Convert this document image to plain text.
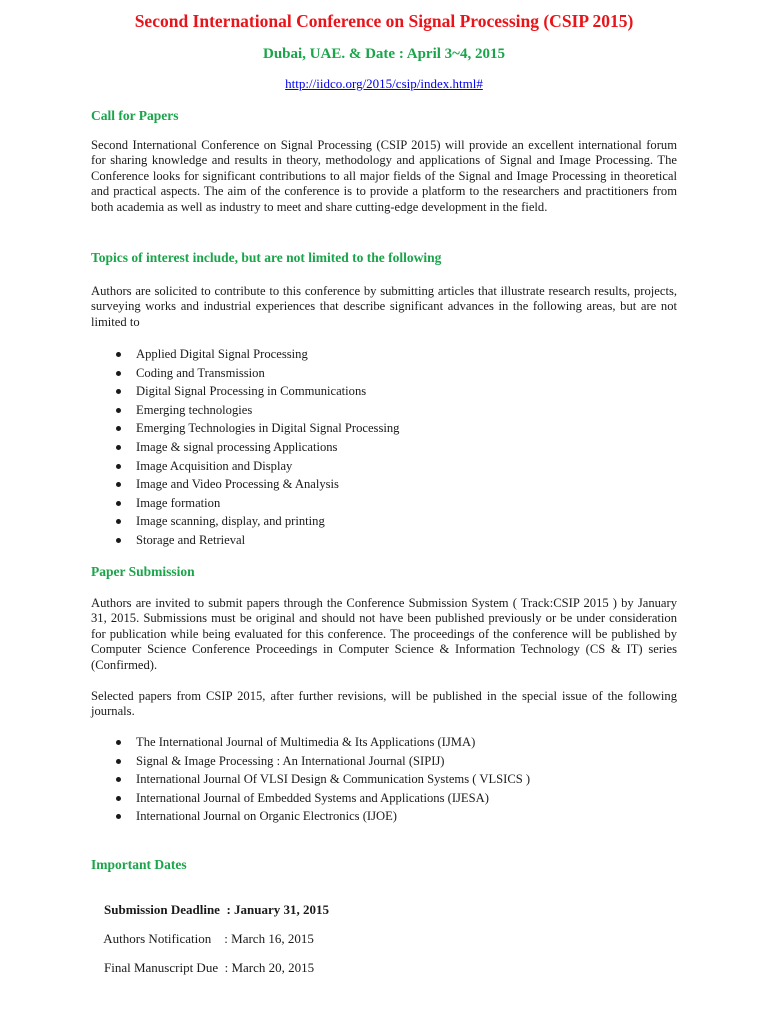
Second International Conference on Signal Processing (CSIP 2015)
Dubai, UAE. & Date : April 3~4, 2015
http://iidco.org/2015/csip/index.html#
Call for Papers
Second International Conference on Signal Processing (CSIP 2015) will provide an excellent international forum for sharing knowledge and results in theory, methodology and applications of Signal and Image Processing. The Conference looks for significant contributions to all major fields of the Signal and Image Processing in theoretical and practical aspects. The aim of the conference is to provide a platform to the researchers and practitioners from both academia as well as industry to meet and share cutting-edge development in the field.
Topics of interest include, but are not limited to the following
Authors are solicited to contribute to this conference by submitting articles that illustrate research results, projects, surveying works and industrial experiences that describe significant advances in the following areas, but are not limited to
Applied Digital Signal Processing
Coding and Transmission
Digital Signal Processing in Communications
Emerging technologies
Emerging Technologies in Digital Signal Processing
Image & signal processing Applications
Image Acquisition and Display
Image and Video Processing & Analysis
Image formation
Image scanning, display, and printing
Storage and Retrieval
Paper Submission
Authors are invited to submit papers through the Conference Submission System ( Track:CSIP 2015 ) by January 31, 2015. Submissions must be original and should not have been published previously or be under consideration for publication while being evaluated for this conference. The proceedings of the conference will be published by Computer Science Conference Proceedings in Computer Science & Information Technology (CS & IT) series (Confirmed).
Selected papers from CSIP 2015, after further revisions, will be published in the special issue of the following journals.
The International Journal of Multimedia & Its Applications (IJMA)
Signal & Image Processing : An International Journal (SIPIJ)
International Journal Of VLSI Design & Communication Systems ( VLSICS )
International Journal of Embedded Systems and Applications (IJESA)
International Journal on Organic Electronics (IJOE)
Important Dates

Submission Deadline  : January 31, 2015

Authors Notification    : March 16, 2015

Final Manuscript Due  : March 20, 2015
